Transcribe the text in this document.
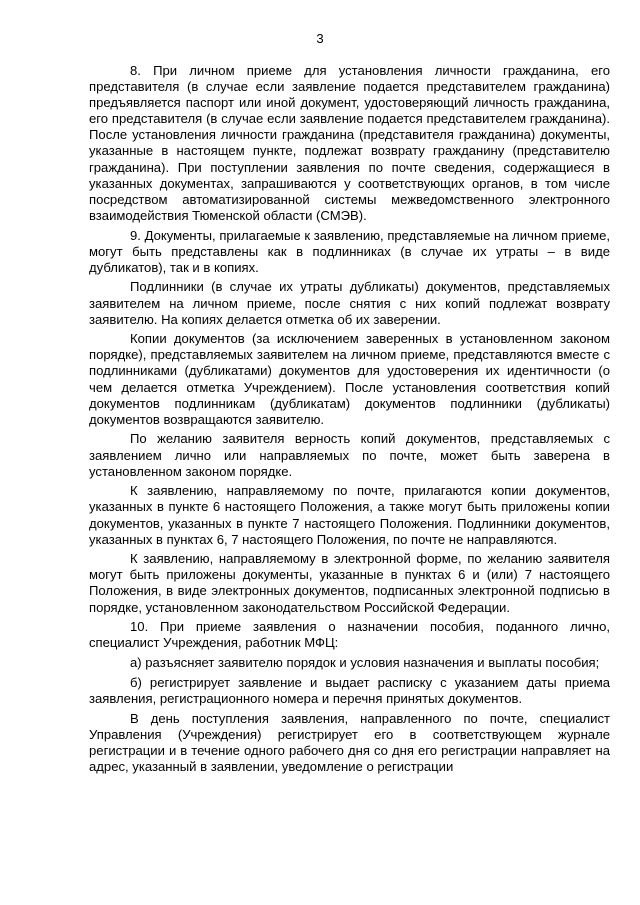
3

8. При личном приеме для установления личности гражданина, его представителя (в случае если заявление подается представителем гражданина) предъявляется паспорт или иной документ, удостоверяющий личность гражданина, его представителя (в случае если заявление подается представителем гражданина). После установления личности гражданина (представителя гражданина) документы, указанные в настоящем пункте, подлежат возврату гражданину (представителю гражданина). При поступлении заявления по почте сведения, содержащиеся в указанных документах, запрашиваются у соответствующих органов, в том числе посредством автоматизированной системы межведомственного электронного взаимодействия Тюменской области (СМЭВ).

9. Документы, прилагаемые к заявлению, представляемые на личном приеме, могут быть представлены как в подлинниках (в случае их утраты – в виде дубликатов), так и в копиях.

Подлинники (в случае их утраты дубликаты) документов, представляемых заявителем на личном приеме, после снятия с них копий подлежат возврату заявителю. На копиях делается отметка об их заверении.

Копии документов (за исключением заверенных в установленном законом порядке), представляемых заявителем на личном приеме, представляются вместе с подлинниками (дубликатами) документов для удостоверения их идентичности (о чем делается отметка Учреждением). После установления соответствия копий документов подлинникам (дубликатам) документов подлинники (дубликаты) документов возвращаются заявителю.

По желанию заявителя верность копий документов, представляемых с заявлением лично или направляемых по почте, может быть заверена в установленном законом порядке.

К заявлению, направляемому по почте, прилагаются копии документов, указанных в пункте 6 настоящего Положения, а также могут быть приложены копии документов, указанных в пункте 7 настоящего Положения. Подлинники документов, указанных в пунктах 6, 7 настоящего Положения, по почте не направляются.

К заявлению, направляемому в электронной форме, по желанию заявителя могут быть приложены документы, указанные в пунктах 6 и (или) 7 настоящего Положения, в виде электронных документов, подписанных электронной подписью в порядке, установленном законодательством Российской Федерации.

10. При приеме заявления о назначении пособия, поданного лично, специалист Учреждения, работник МФЦ:

а) разъясняет заявителю порядок и условия назначения и выплаты пособия;

б) регистрирует заявление и выдает расписку с указанием даты приема заявления, регистрационного номера и перечня принятых документов.

В день поступления заявления, направленного по почте, специалист Управления (Учреждения) регистрирует его в соответствующем журнале регистрации и в течение одного рабочего дня со дня его регистрации направляет на адрес, указанный в заявлении, уведомление о регистрации
